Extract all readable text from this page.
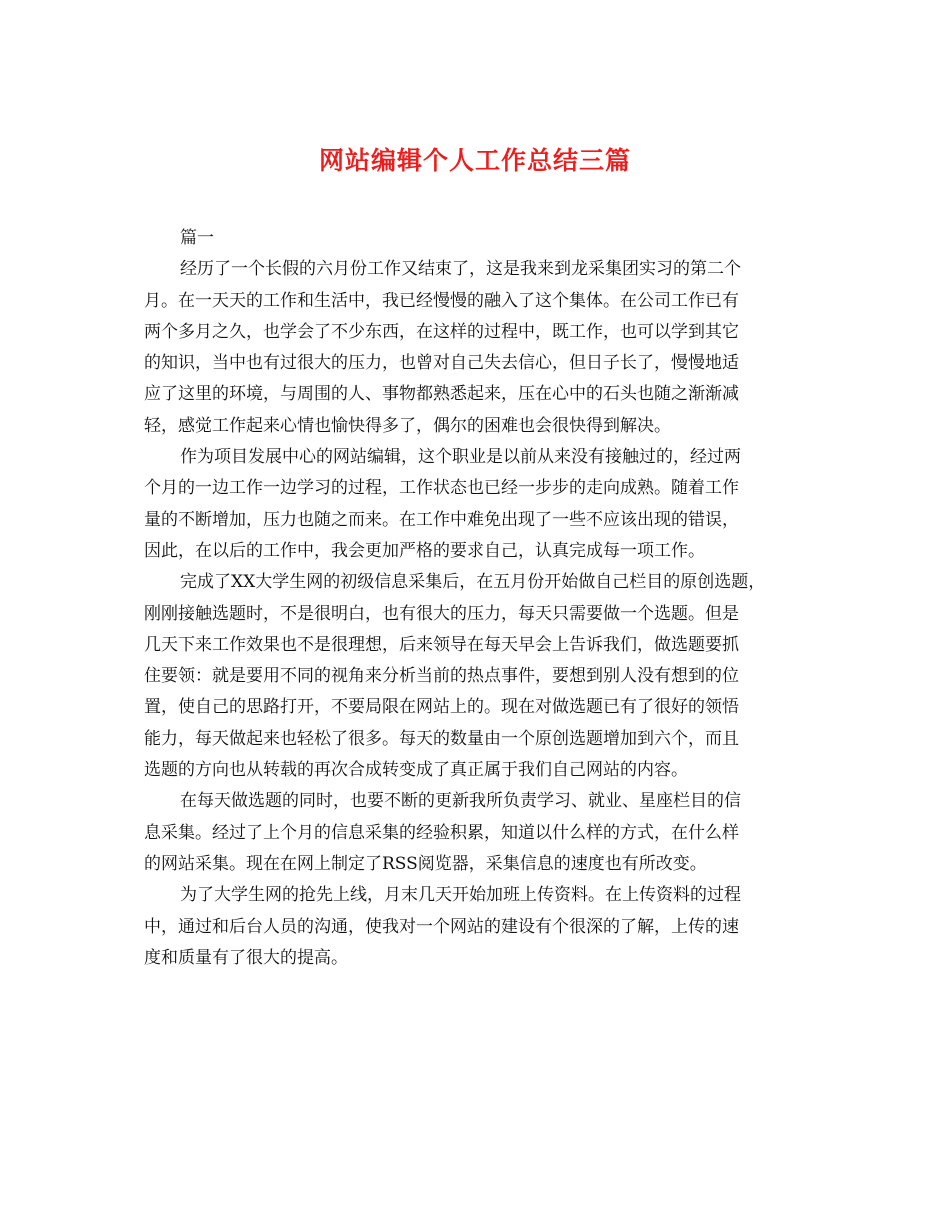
网站编辑个人工作总结三篇
篇一
经历了一个长假的六月份工作又结束了，这是我来到龙采集团实习的第二个
月。在一天天的工作和生活中，我已经慢慢的融入了这个集体。在公司工作已有
两个多月之久，也学会了不少东西，在这样的过程中，既工作，也可以学到其它
的知识，当中也有过很大的压力，也曾对自己失去信心，但日子长了，慢慢地适
应了这里的环境，与周围的人、事物都熟悉起来，压在心中的石头也随之渐渐减
轻，感觉工作起来心情也愉快得多了，偶尔的困难也会很快得到解决。
作为项目发展中心的网站编辑，这个职业是以前从来没有接触过的，经过两
个月的一边工作一边学习的过程，工作状态也已经一步步的走向成熟。随着工作
量的不断增加，压力也随之而来。在工作中难免出现了一些不应该出现的错误，
因此，在以后的工作中，我会更加严格的要求自己，认真完成每一项工作。
完成了XX大学生网的初级信息采集后，在五月份开始做自己栏目的原创选题，
刚刚接触选题时，不是很明白，也有很大的压力，每天只需要做一个选题。但是
几天下来工作效果也不是很理想，后来领导在每天早会上告诉我们，做选题要抓
住要领：就是要用不同的视角来分析当前的热点事件，要想到别人没有想到的位
置，使自己的思路打开，不要局限在网站上的。现在对做选题已有了很好的领悟
能力，每天做起来也轻松了很多。每天的数量由一个原创选题增加到六个，而且
选题的方向也从转载的再次合成转变成了真正属于我们自己网站的内容。
在每天做选题的同时，也要不断的更新我所负责学习、就业、星座栏目的信
息采集。经过了上个月的信息采集的经验积累，知道以什么样的方式，在什么样
的网站采集。现在在网上制定了RSS阅览器，采集信息的速度也有所改变。
为了大学生网的抢先上线，月末几天开始加班上传资料。在上传资料的过程
中，通过和后台人员的沟通，使我对一个网站的建设有个很深的了解，上传的速
度和质量有了很大的提高。
